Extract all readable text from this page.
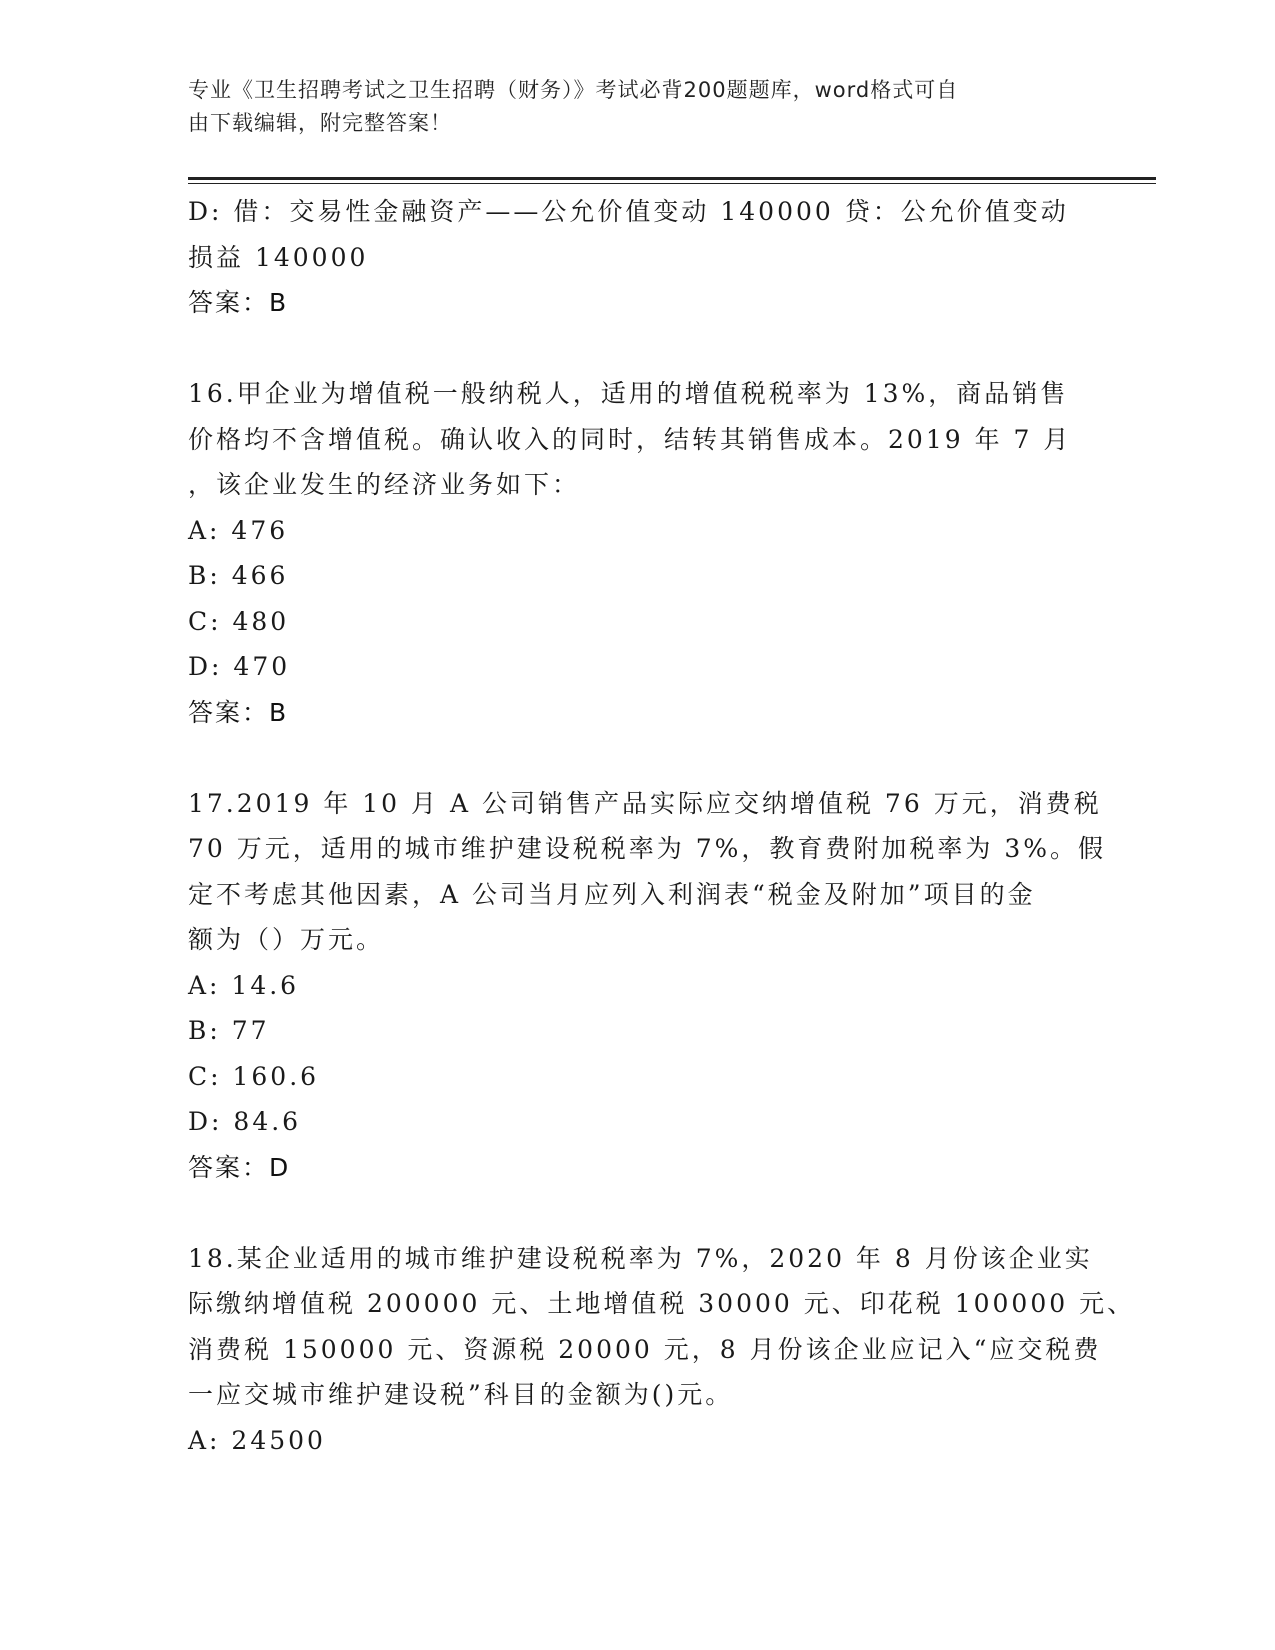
专业《卫生招聘考试之卫生招聘（财务）》考试必背200题题库，word格式可自
由下载编辑，附完整答案！
D: 借：交易性金融资产——公允价值变动 140000 贷：公允价值变动
损益 140000
答案：B
16.甲企业为增值税一般纳税人，适用的增值税税率为 13%，商品销售
价格均不含增值税。确认收入的同时，结转其销售成本。2019 年 7 月
，该企业发生的经济业务如下：
A: 476
B: 466
C: 480
D: 470
答案：B
17.2019 年 10 月 A 公司销售产品实际应交纳增值税 76 万元，消费税
70 万元，适用的城市维护建设税税率为 7%，教育费附加税率为 3%。假
定不考虑其他因素，A 公司当月应列入利润表“税金及附加”项目的金
额为（）万元。
A: 14.6
B: 77
C: 160.6
D: 84.6
答案：D
18.某企业适用的城市维护建设税税率为 7%，2020 年 8 月份该企业实
际缴纳增值税 200000 元、土地增值税 30000 元、印花税 100000 元、
消费税 150000 元、资源税 20000 元，8 月份该企业应记入“应交税费
一应交城市维护建设税”科目的金额为()元。
A: 24500
